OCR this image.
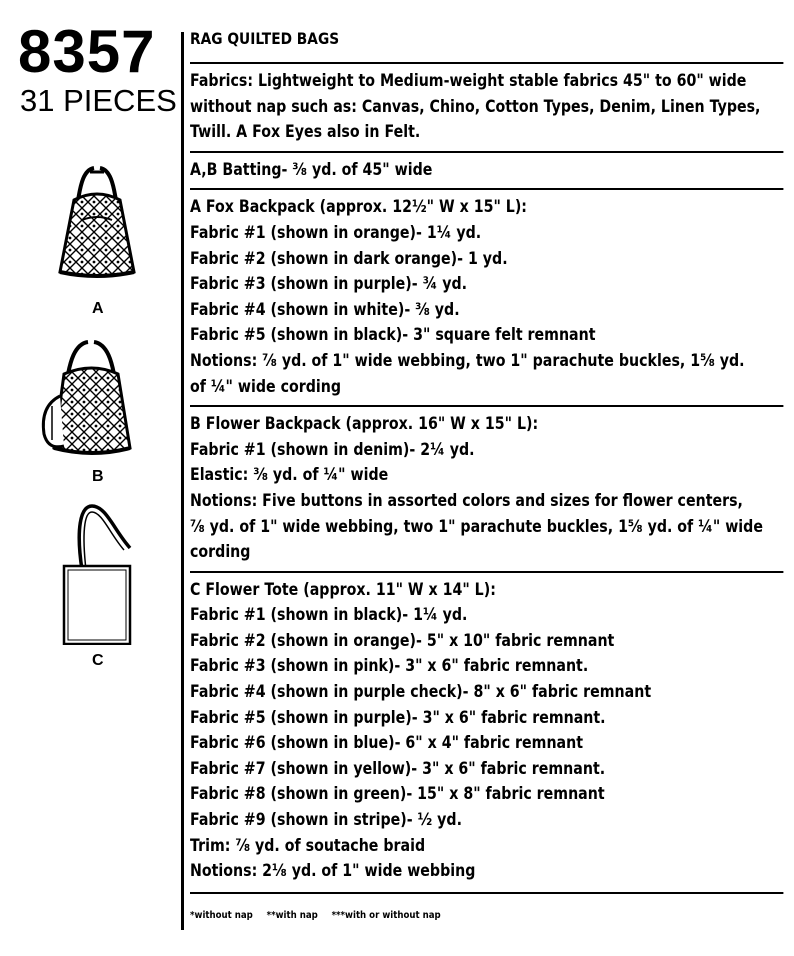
8357
31 PIECES
A
B
C
RAG QUILTED BAGS
Fabrics: Lightweight to Medium-weight stable fabrics 45" to 60" wide
without nap such as: Canvas, Chino, Cotton Types, Denim, Linen Types,
Twill. A Fox Eyes also in Felt.
A,B Batting- ⅜ yd. of 45" wide
A Fox Backpack (approx. 12½" W x 15" L):
Fabric #1 (shown in orange)- 1¼ yd.
Fabric #2 (shown in dark orange)- 1 yd.
Fabric #3 (shown in purple)- ¾ yd.
Fabric #4 (shown in white)- ⅜ yd.
Fabric #5 (shown in black)- 3" square felt remnant
Notions: ⅞ yd. of 1" wide webbing, two 1" parachute buckles, 1⅝ yd.
of ¼" wide cording
B Flower Backpack (approx. 16" W x 15" L):
Fabric #1 (shown in denim)- 2¼ yd.
Elastic: ⅜ yd. of ¼" wide
Notions: Five buttons in assorted colors and sizes for flower centers,
⅞ yd. of 1" wide webbing, two 1" parachute buckles, 1⅝ yd. of ¼" wide
cording
C Flower Tote (approx. 11" W x 14" L):
Fabric #1 (shown in black)- 1¼ yd.
Fabric #2 (shown in orange)- 5" x 10" fabric remnant
Fabric #3 (shown in pink)- 3" x 6" fabric remnant.
Fabric #4 (shown in purple check)- 8" x 6" fabric remnant
Fabric #5 (shown in purple)- 3" x 6" fabric remnant.
Fabric #6 (shown in blue)- 6" x 4" fabric remnant
Fabric #7 (shown in yellow)- 3" x 6" fabric remnant.
Fabric #8 (shown in green)- 15" x 8" fabric remnant
Fabric #9 (shown in stripe)- ½ yd.
Trim: ⅞ yd. of soutache braid
Notions: 2⅛ yd. of 1" wide webbing
*without nap **with nap ***with or without nap
